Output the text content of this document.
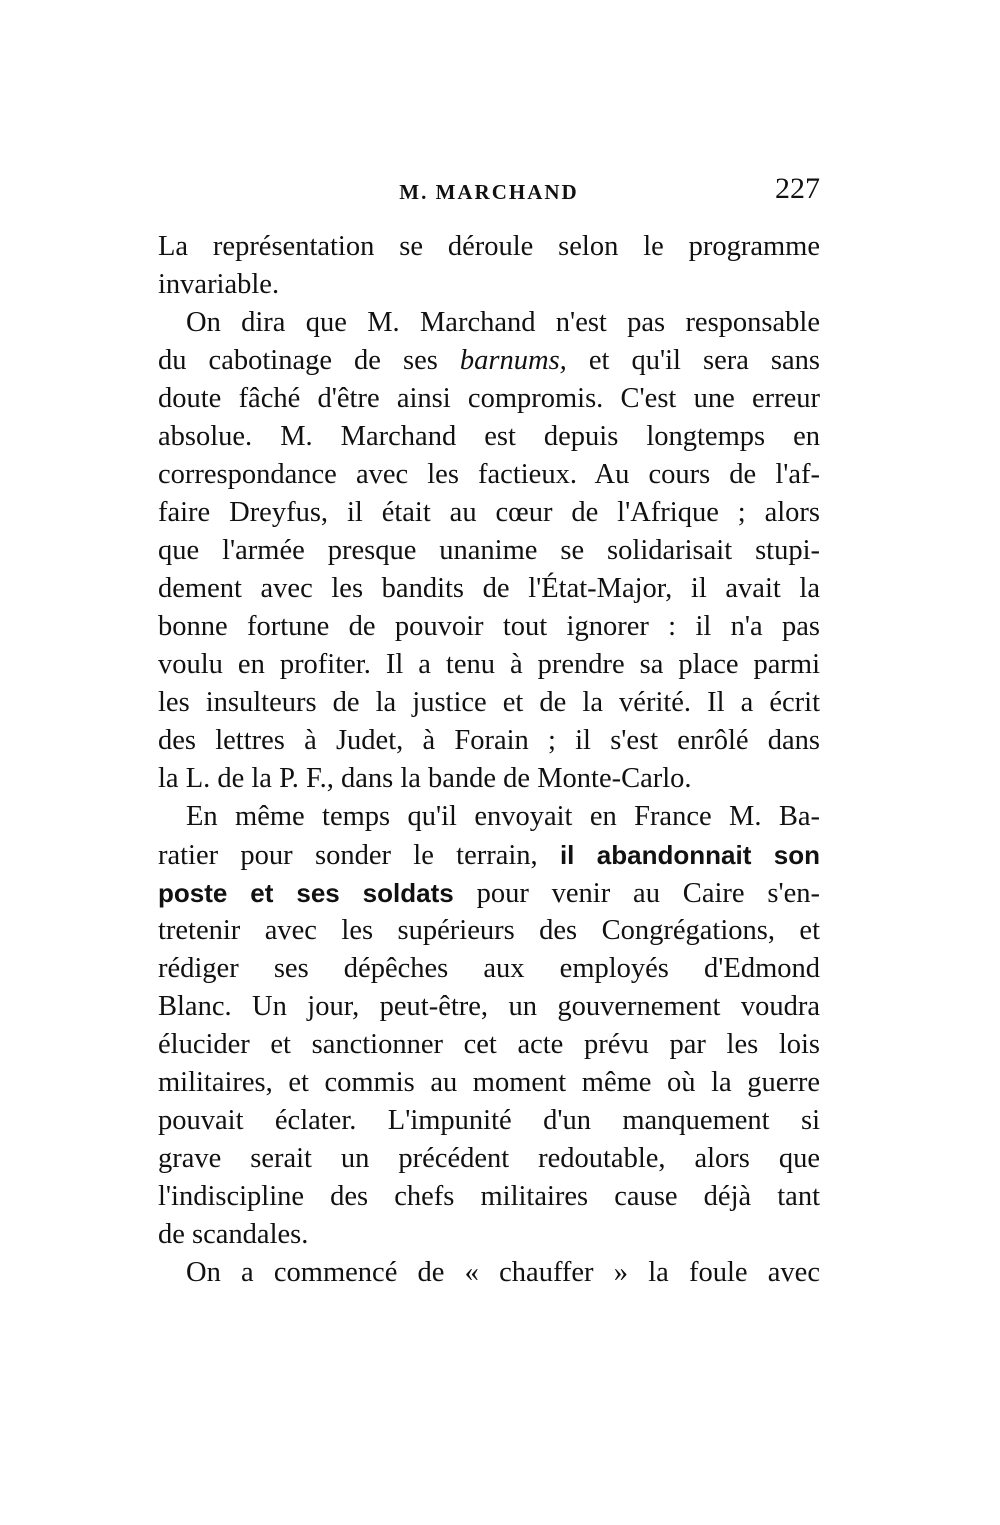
M. MARCHAND	227
La représentation se déroule selon le programme
invariable.
On dira que M. Marchand n'est pas responsable
du cabotinage de ses barnums, et qu'il sera sans
doute fâché d'être ainsi compromis. C'est une erreur
absolue. M. Marchand est depuis longtemps en
correspondance avec les factieux. Au cours de l'af-
faire Dreyfus, il était au cœur de l'Afrique ; alors
que l'armée presque unanime se solidarisait stupi-
dement avec les bandits de l'État-Major, il avait la
bonne fortune de pouvoir tout ignorer : il n'a pas
voulu en profiter. Il a tenu à prendre sa place parmi
les insulteurs de la justice et de la vérité. Il a écrit
des lettres à Judet, à Forain ; il s'est enrôlé dans
la L. de la P. F., dans la bande de Monte-Carlo.
En même temps qu'il envoyait en France M. Ba-
ratier pour sonder le terrain, il abandonnait son
poste et ses soldats pour venir au Caire s'en-
tretenir avec les supérieurs des Congrégations, et
rédiger ses dépêches aux employés d'Edmond
Blanc. Un jour, peut-être, un gouvernement voudra
élucider et sanctionner cet acte prévu par les lois
militaires, et commis au moment même où la guerre
pouvait éclater. L'impunité d'un manquement si
grave serait un précédent redoutable, alors que
l'indiscipline des chefs militaires cause déjà tant
de scandales.
On a commencé de « chauffer » la foule avec
